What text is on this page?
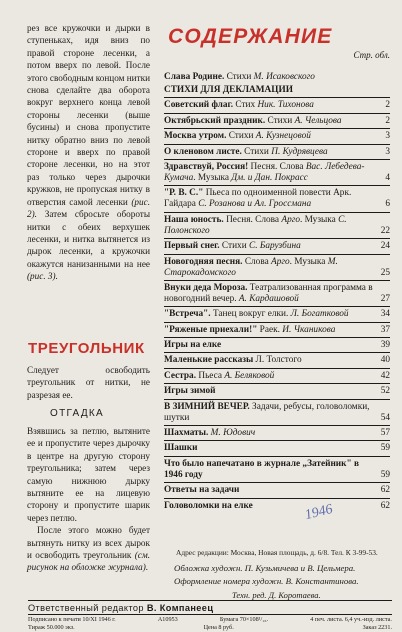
рез все кружочки и дырки в ступеньках, идя вниз по правой стороне лесенки, а потом вверх по левой. После этого свободным концом нитки снова сделайте два оборота вокруг верхнего конца левой стороны лесенки (выше бусины) и снова пропустите нитку обратно вниз по левой стороне и вверх по правой стороне лесенки, но на этот раз только через дырочки кружков, не пропуская нитку в отверстия самой лесенки (рис. 2). Затем сбросьте обороты нитки с обеих верхушек лесенки, и нитка вытянется из дырок лесенки, а кружочки окажутся нанизанными на нее (рис. 3).

ТРЕУГОЛЬНИК

Следует освободить треугольник от нитки, не разрезая ее.

ОТГАДКА

Взявшись за петлю, вытяните ее и пропустите через дырочку в центре на другую сторону треугольника; затем через самую нижнюю дырку вытяните ее на лицевую сторону и пропустите шарик через петлю.

После этого можно будет вытянуть нитку из всех дырок и освободить треугольник (см. рисунок на обложке журнала).

СОДЕРЖАНИЕ
Стр. обл.
Слава Родине. Стихи М. Исаковского
СТИХИ ДЛЯ ДЕКЛАМАЦИИ
Советский флаг. Стих Ник. Тихонова	2
Октябрьский праздник. Стихи А. Чельцова	2
Москва утром. Стихи А. Кузнецовой	3
О кленовом листе. Стихи П. Кудрявцева	3
Здравствуй, Россия! Песня. Слова Вас. Лебедева-Кумача. Музыка Дм. и Дан. Покрасс	4
"Р. В. С." Пьеса по одноименной повести Арк. Гайдара С. Розанова и Ал. Гроссмана	6
Наша юность. Песня. Слова Арго. Музыка С. Полонского	22
Первый снег. Стихи С. Барузбина	24
Новогодняя песня. Слова Арго. Музыка М. Старокадомского	25
Внуки деда Мороза. Театрализованная программа в новогодний вечер. А. Кардашовой	27
"Встреча". Танец вокруг елки. Л. Богатковой	34
"Ряженые приехали!" Раек. И. Чканикова	37
Игры на елке	39
Маленькие рассказы Л. Толстого	40
Сестра. Пьеса А. Беляковой	42
Игры зимой	52
В ЗИМНИЙ ВЕЧЕР. Задачи, ребусы, головоломки, шутки	54
Шахматы. М. Юдович	57
Шашки	59
Что было напечатано в журнале „Затейник" в 1946 году	59
Ответы на задачи	62
Головоломки на елке	62
1946
Адрес редакции: Москва, Новая площадь, д. 6/8. Тел. К 3-99-53.
Обложка художн. П. Кузьмичева и В. Цельмера.
Оформление номера художн. В. Константинова.
Техн. ред. Д. Коротаева.
Ответственный редактор В. Компанеец
Подписано к печати 10/XI 1946 г.	А10953	Бумага 70×108¹/₁₆.	4 печ. листа. 6,4 уч.-изд. листа.
Тираж 50.000 экз.	Цена 8 руб.	Заказ 2231.
